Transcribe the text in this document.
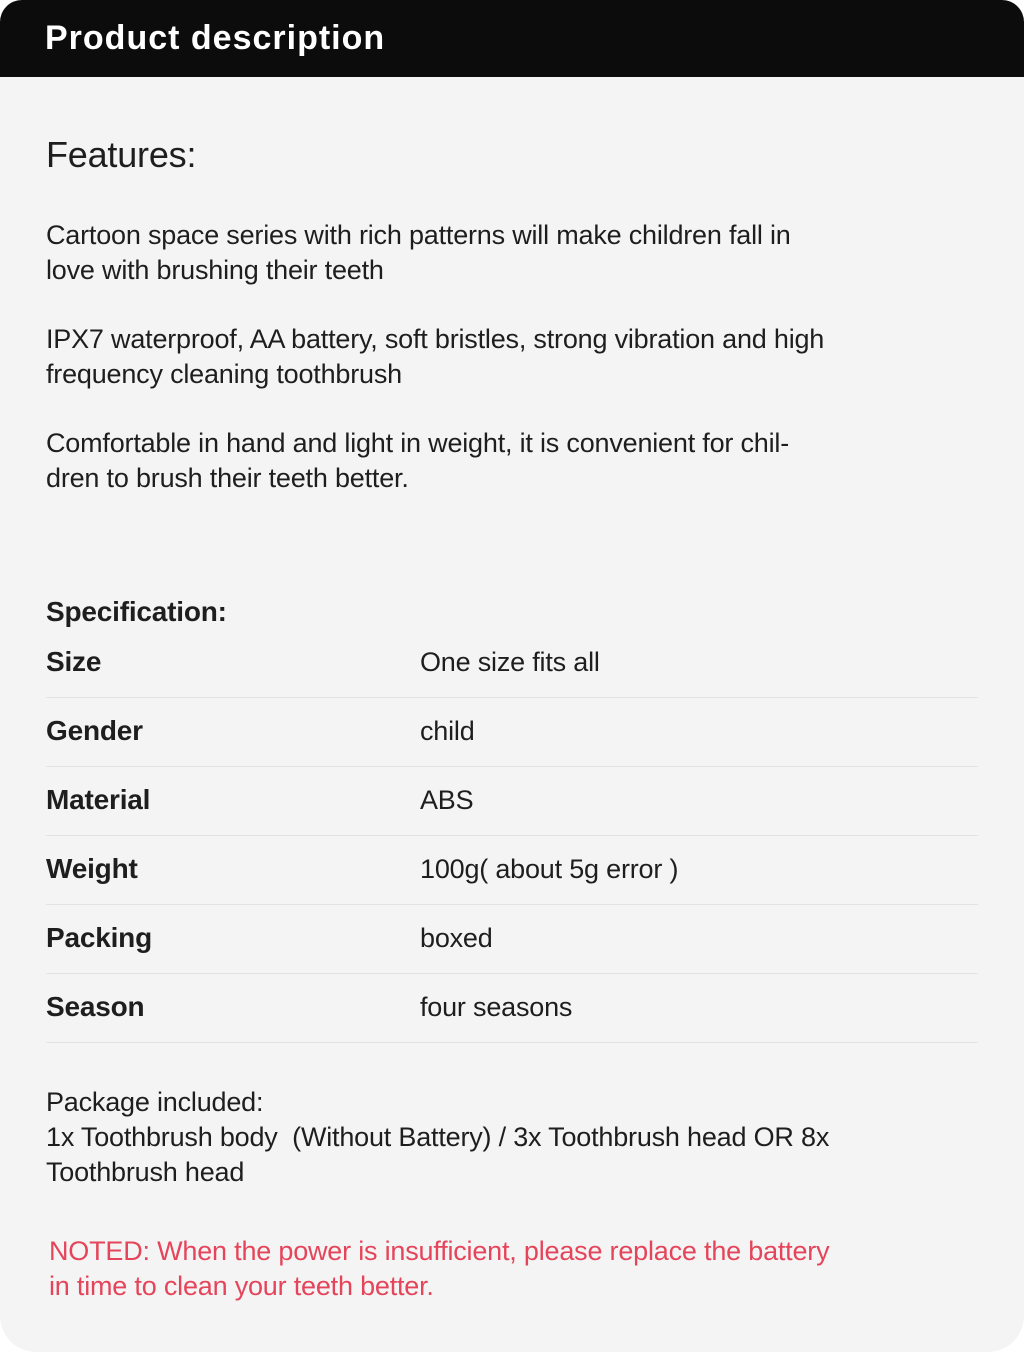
Product description
Features:

Cartoon space series with rich patterns will make children fall in
love with brushing their teeth

IPX7 waterproof, AA battery, soft bristles, strong vibration and high
frequency cleaning toothbrush

Comfortable in hand and light in weight, it is convenient for chil-
dren to brush their teeth better.

Specification:
Size	One size fits all
Gender	child
Material	ABS
Weight	100g( about 5g error )
Packing	boxed
Season	four seasons
Package included:
1x Toothbrush body  (Without Battery) / 3x Toothbrush head OR 8x
Toothbrush head
NOTED: When the power is insufficient, please replace the battery
in time to clean your teeth better.
